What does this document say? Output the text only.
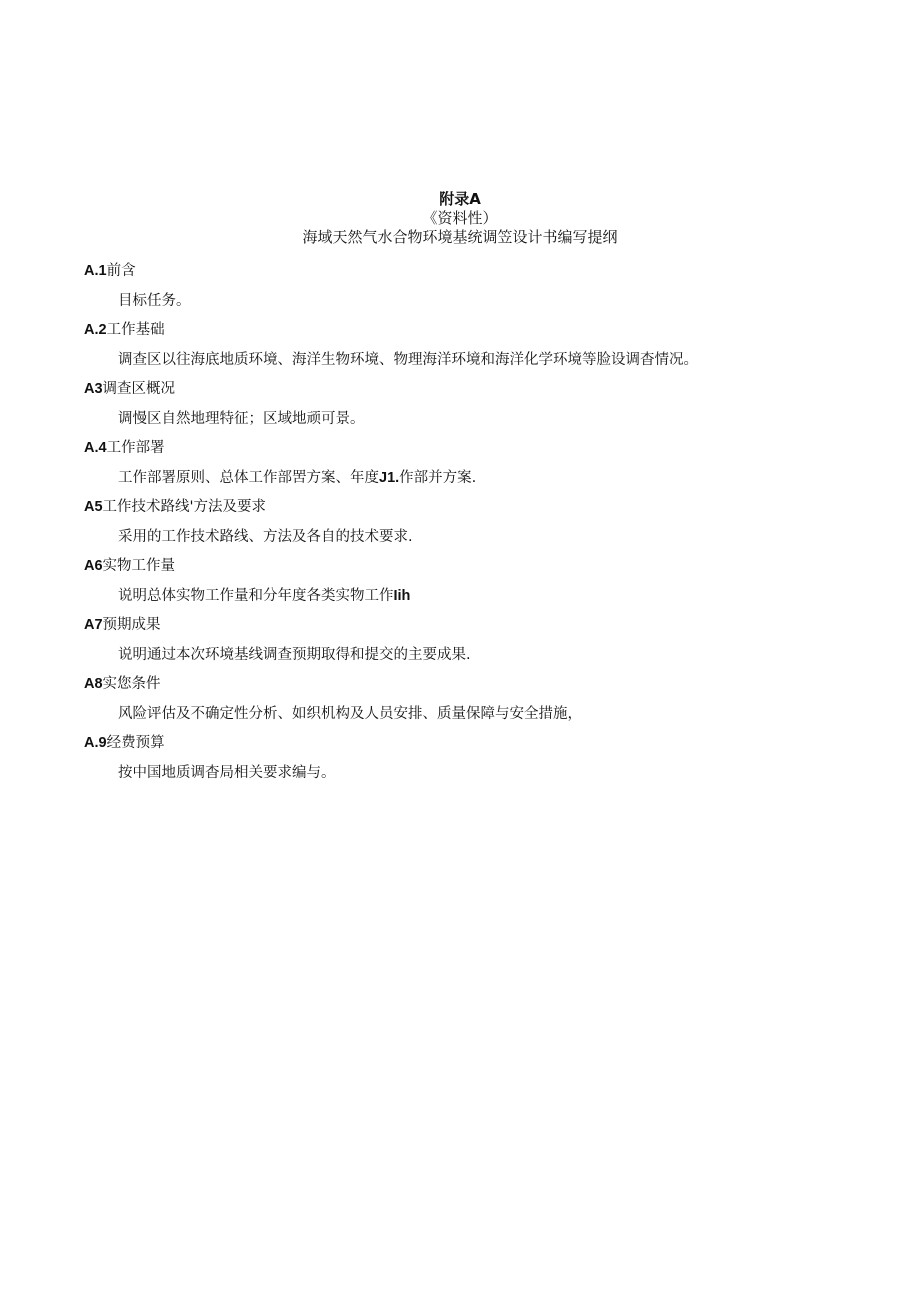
附录A
《资料性）
海域天然气水合物环境基统调笠设计书编写提纲
A.1前含
目标任务。
A.2工作基础
调查区以往海底地质环境、海洋生物环境、物理海洋环境和海洋化学环境等脸设调杳情况。
A3调查区概况
调慢区自然地理特征；区域地顽可景。
A.4工作部署
工作部署原则、总体工作部罟方案、年度J1.作部并方案.
A5工作技术路线'方法及要求
采用的工作技术路线、方法及各自的技术要求.
A6实物工作量
说明总体实物工作量和分年度各类实物工作Iih
A7预期成果
说明通过本次环境基线调查预期取得和提交的主要成果.
A8实您条件
风险评估及不确定性分析、如织机构及人员安排、质量保障与安全措施，
A.9经费预算
按中国地质调杳局相关要求编与。
